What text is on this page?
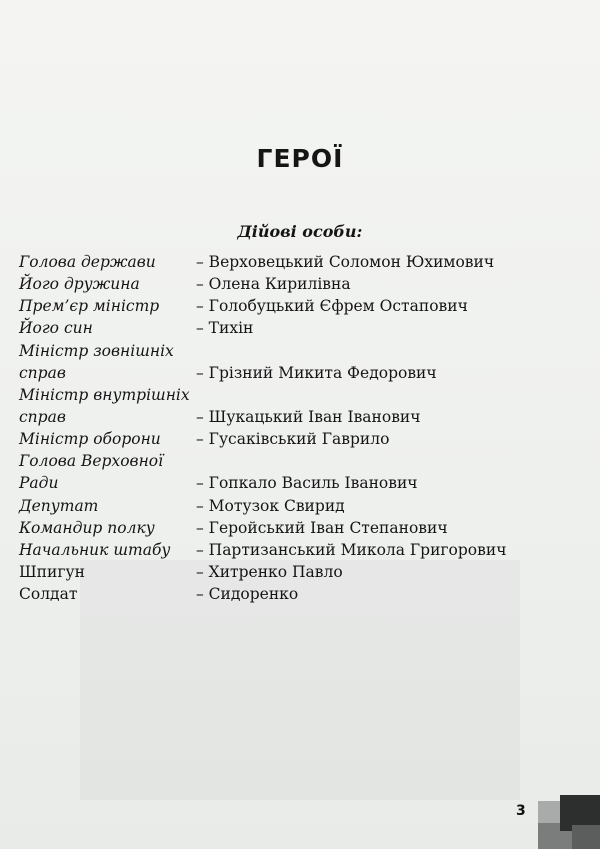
ГЕРОЇ
Дійові особи:
Голова держави	– Верховецький Соломон Юхимович
Його дружина	– Олена Кирилівна
Прем’єр міністр	– Голобуцький Єфрем Остапович
Його син	– Тихін
Міністр зовнішніх
справ	– Грізний Микита Федорович
Міністр внутрішніх
справ	– Шукацький Іван Іванович
Міністр оборони	– Гусаківський Гаврило
Голова Верховної
Ради	– Гопкало Василь Іванович
Депутат	– Мотузок Свирид
Командир полку	– Геройський Іван Степанович
Начальник штабу	– Партизанський Микола Григорович
Шпигун	– Хитренко Павло
Солдат	– Сидоренко
3
